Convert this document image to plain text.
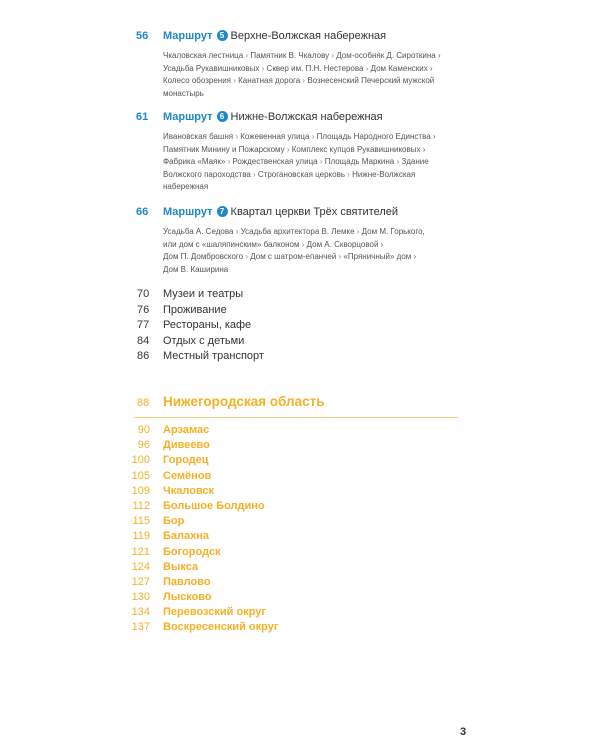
56 Маршрут 5 Верхне-Волжская набережная
Чкаловская лестница › Памятник В. Чкалову › Дом-особняк Д. Сироткина ›
Усадьба Рукавишниковых › Сквер им. П.Н. Нестерова › Дом Каменских ›
Колесо обозрения › Канатная дорога › Вознесенский Печерский мужской
монастырь
61 Маршрут 6 Нижне-Волжская набережная
Ивановская башня › Кожевенная улица › Площадь Народного Единства ›
Памятник Минину и Пожарскому › Комплекс купцов Рукавишниковых ›
Фабрика «Маяк» › Рождественская улица › Площадь Маркина › Здание
Волжского пароходства › Строгановская церковь › Нижне-Волжская
набережная
66 Маршрут 7 Квартал церкви Трёх святителей
Усадьба А. Седова › Усадьба архитектора В. Лемке › Дом М. Горького,
или дом с «шаляпинским» балконом › Дом А. Скворцовой ›
Дом П. Домбровского › Дом с шатром-епанчей › «Пряничный» дом ›
Дом В. Каширина
70 Музеи и театры
76 Проживание
77 Рестораны, кафе
84 Отдых с детьми
86 Местный транспорт
88 Нижегородская область
90 Арзамас
96 Дивеево
100 Городец
105 Семёнов
109 Чкаловск
112 Большое Болдино
115 Бор
119 Балахна
121 Богородск
124 Выкса
127 Павлово
130 Лысково
134 Перевозский округ
137 Воскресенский округ
3
